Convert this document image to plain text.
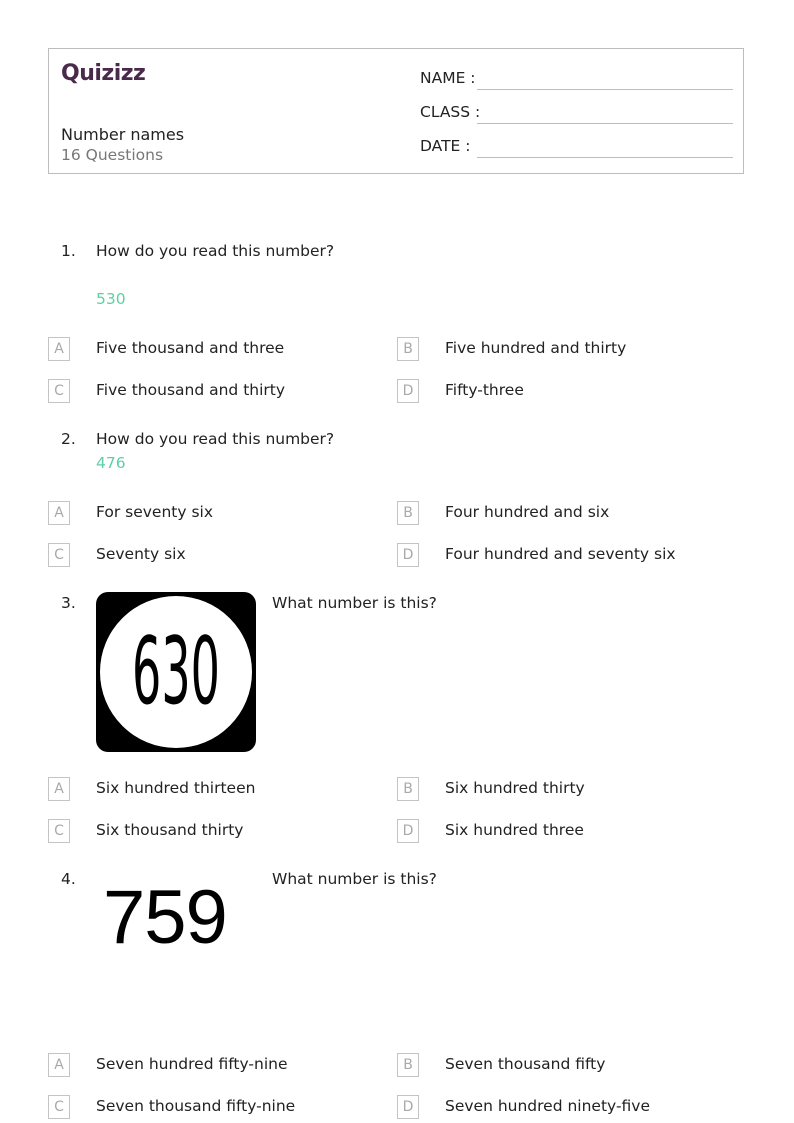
Quizizz
Number names
16 Questions
NAME :
CLASS :
DATE :
1. How do you read this number?
530
A	Five thousand and three	B	Five hundred and thirty
C	Five thousand and thirty	D	Fifty-three
2. How do you read this number?
476
A	For seventy six	B	Four hundred and six
C	Seventy six	D	Four hundred and seventy six
3.
630
What number is this?
A	Six hundred thirteen	B	Six hundred thirty
C	Six thousand thirty	D	Six hundred three
4. 759	What number is this?
A	Seven hundred fifty-nine	B	Seven thousand fifty
C	Seven thousand fifty-nine	D	Seven hundred ninety-five
